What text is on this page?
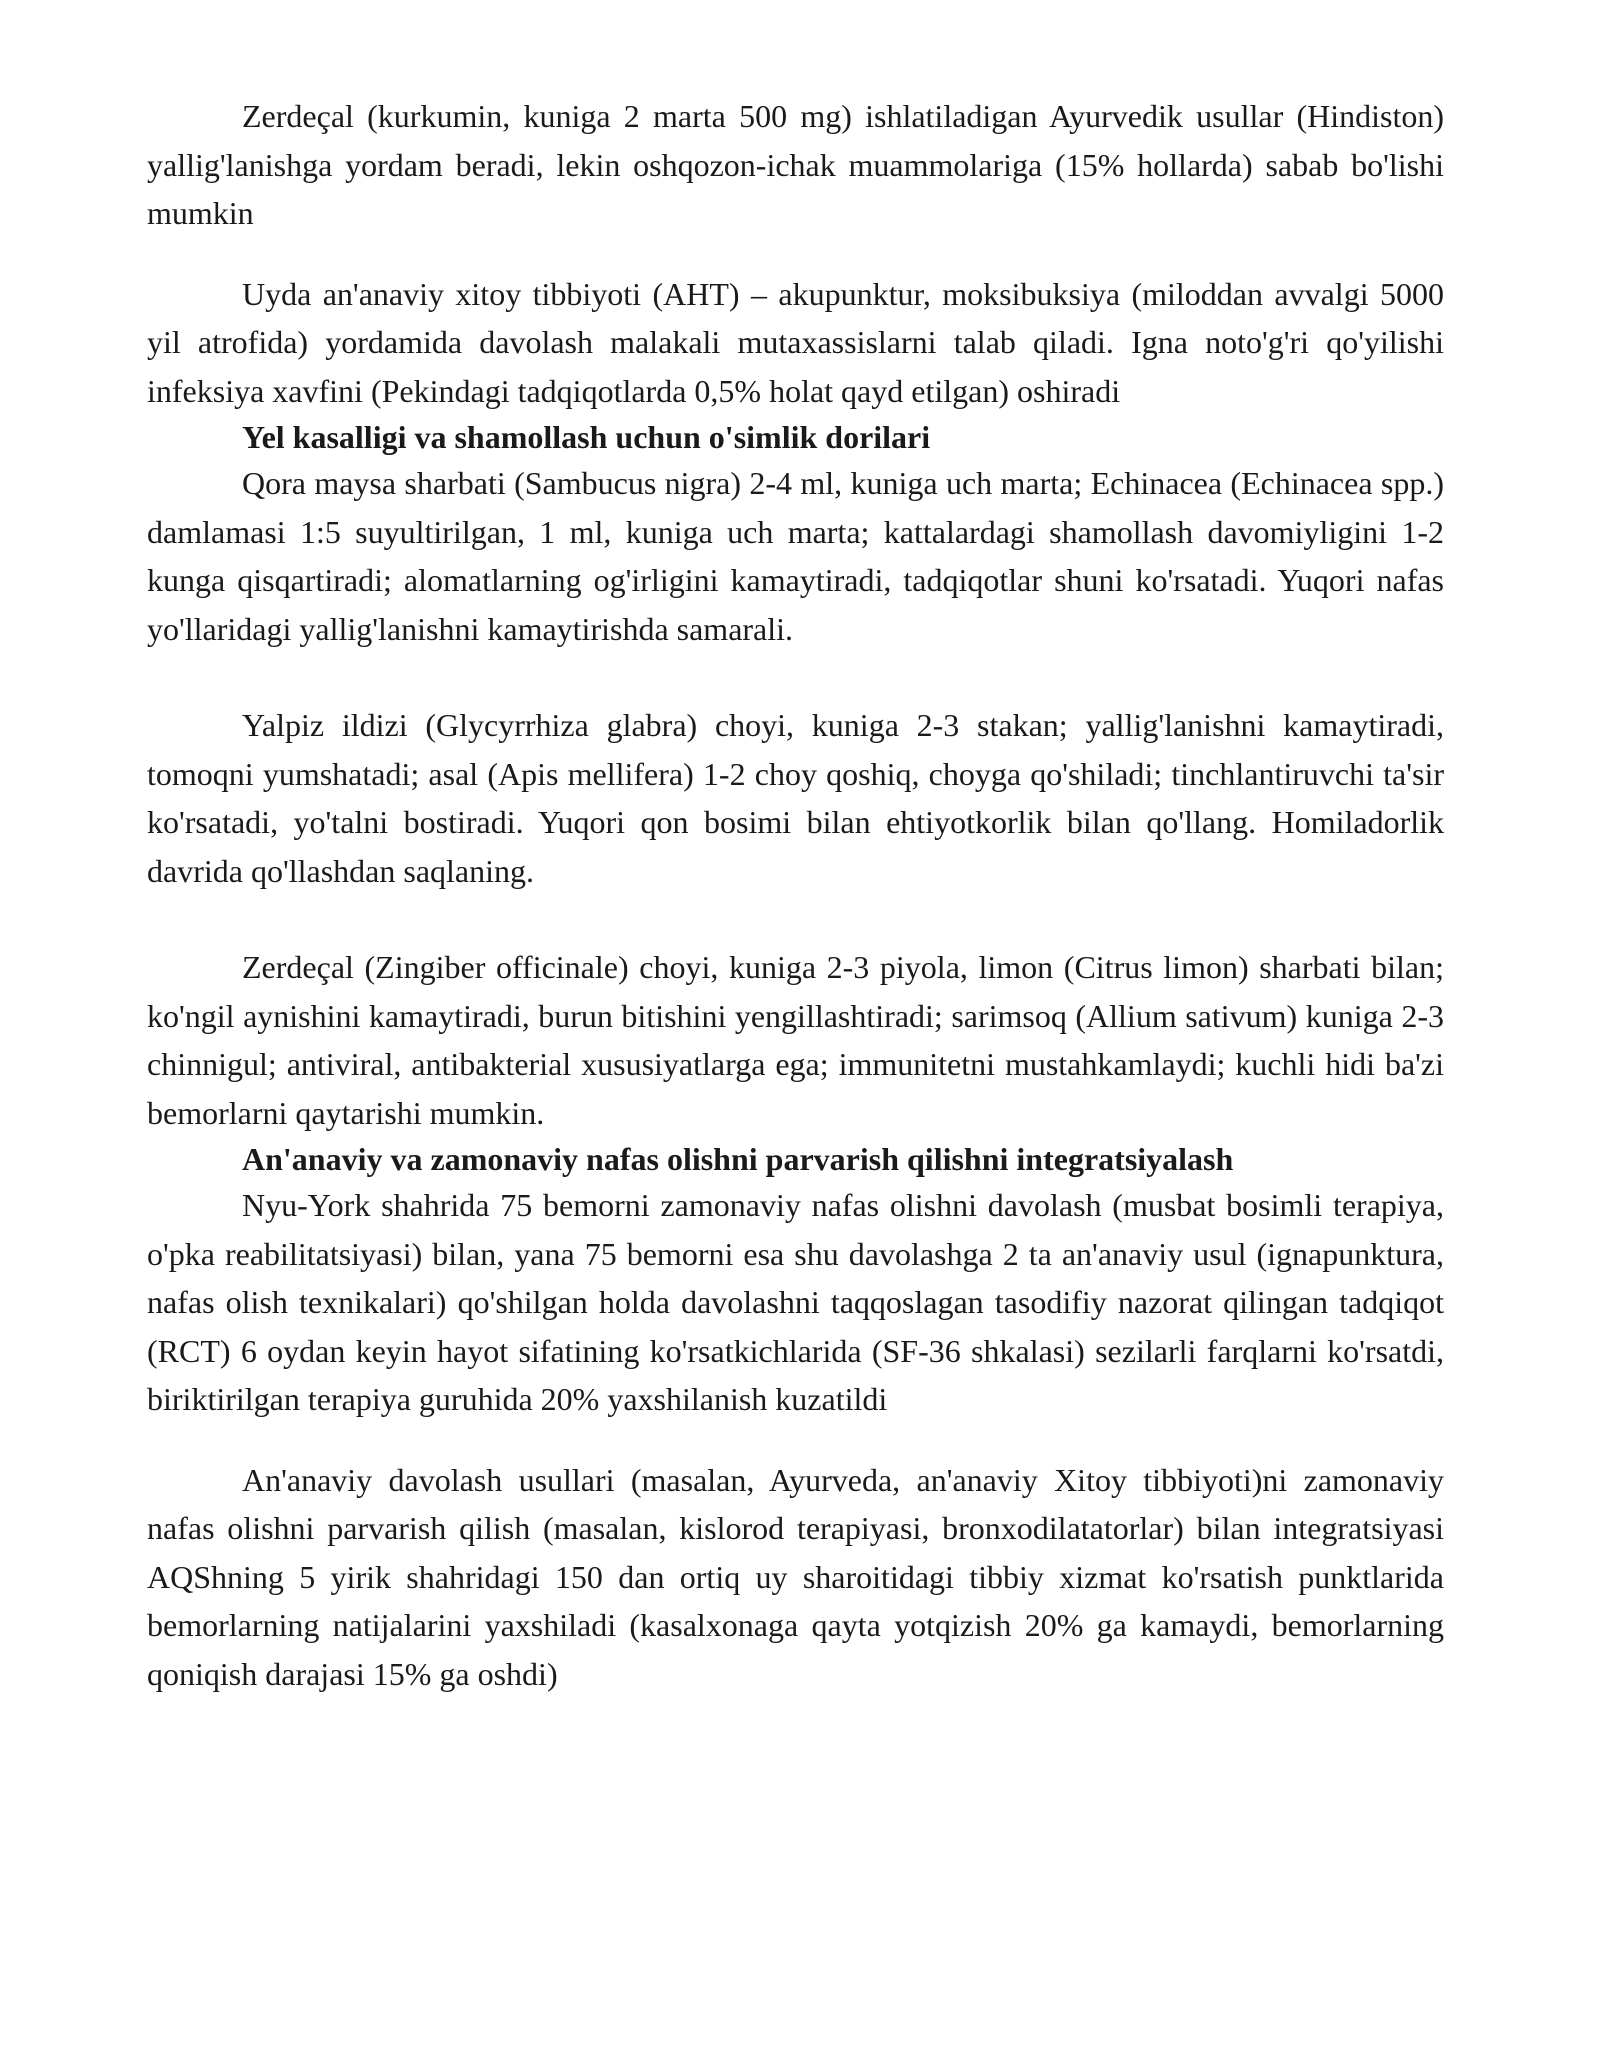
Zerdeçal (kurkumin, kuniga 2 marta 500 mg) ishlatiladigan Ayurvedik usullar (Hindiston) yallig'lanishga yordam beradi, lekin oshqozon-ichak muammolariga (15% hollarda) sabab bo'lishi mumkin

Uyda an'anaviy xitoy tibbiyoti (AHT) – akupunktur, moksibuksiya (miloddan avvalgi 5000 yil atrofida) yordamida davolash malakali mutaxassislarni talab qiladi. Igna noto'g'ri qo'yilishi infeksiya xavfini (Pekindagi tadqiqotlarda 0,5% holat qayd etilgan) oshiradi

Yel kasalligi va shamollash uchun o'simlik dorilari

Qora maysa sharbati (Sambucus nigra) 2-4 ml, kuniga uch marta; Echinacea (Echinacea spp.) damlamasi 1:5 suyultirilgan, 1 ml, kuniga uch marta; kattalardagi shamollash davomiyligini 1-2 kunga qisqartiradi; alomatlarning og'irligini kamaytiradi, tadqiqotlar shuni ko'rsatadi. Yuqori nafas yo'llaridagi yallig'lanishni kamaytirishda samarali.

Yalpiz ildizi (Glycyrrhiza glabra) choyi, kuniga 2-3 stakan; yallig'lanishni kamaytiradi, tomoqni yumshatadi; asal (Apis mellifera) 1-2 choy qoshiq, choyga qo'shiladi; tinchlantiruvchi ta'sir ko'rsatadi, yo'talni bostiradi. Yuqori qon bosimi bilan ehtiyotkorlik bilan qo'llang. Homiladorlik davrida qo'llashdan saqlaning.

Zerdeçal (Zingiber officinale) choyi, kuniga 2-3 piyola, limon (Citrus limon) sharbati bilan; ko'ngil aynishini kamaytiradi, burun bitishini yengillashtiradi; sarimsoq (Allium sativum) kuniga 2-3 chinnigul; antiviral, antibakterial xususiyatlarga ega; immunitetni mustahkamlaydi; kuchli hidi ba'zi bemorlarni qaytarishi mumkin.

An'anaviy va zamonaviy nafas olishni parvarish qilishni integratsiyalash

Nyu-York shahrida 75 bemorni zamonaviy nafas olishni davolash (musbat bosimli terapiya, o'pka reabilitatsiyasi) bilan, yana 75 bemorni esa shu davolashga 2 ta an'anaviy usul (ignapunktura, nafas olish texnikalari) qo'shilgan holda davolashni taqqoslagan tasodifiy nazorat qilingan tadqiqot (RCT) 6 oydan keyin hayot sifatining ko'rsatkichlarida (SF-36 shkalasi) sezilarli farqlarni ko'rsatdi, biriktirilgan terapiya guruhida 20% yaxshilanish kuzatildi

An'anaviy davolash usullari (masalan, Ayurveda, an'anaviy Xitoy tibbiyoti)ni zamonaviy nafas olishni parvarish qilish (masalan, kislorod terapiyasi, bronxodilatatorlar) bilan integratsiyasi AQShning 5 yirik shahridagi 150 dan ortiq uy sharoitidagi tibbiy xizmat ko'rsatish punktlarida bemorlarning natijalarini yaxshiladi (kasalxonaga qayta yotqizish 20% ga kamaydi, bemorlarning qoniqish darajasi 15% ga oshdi)
